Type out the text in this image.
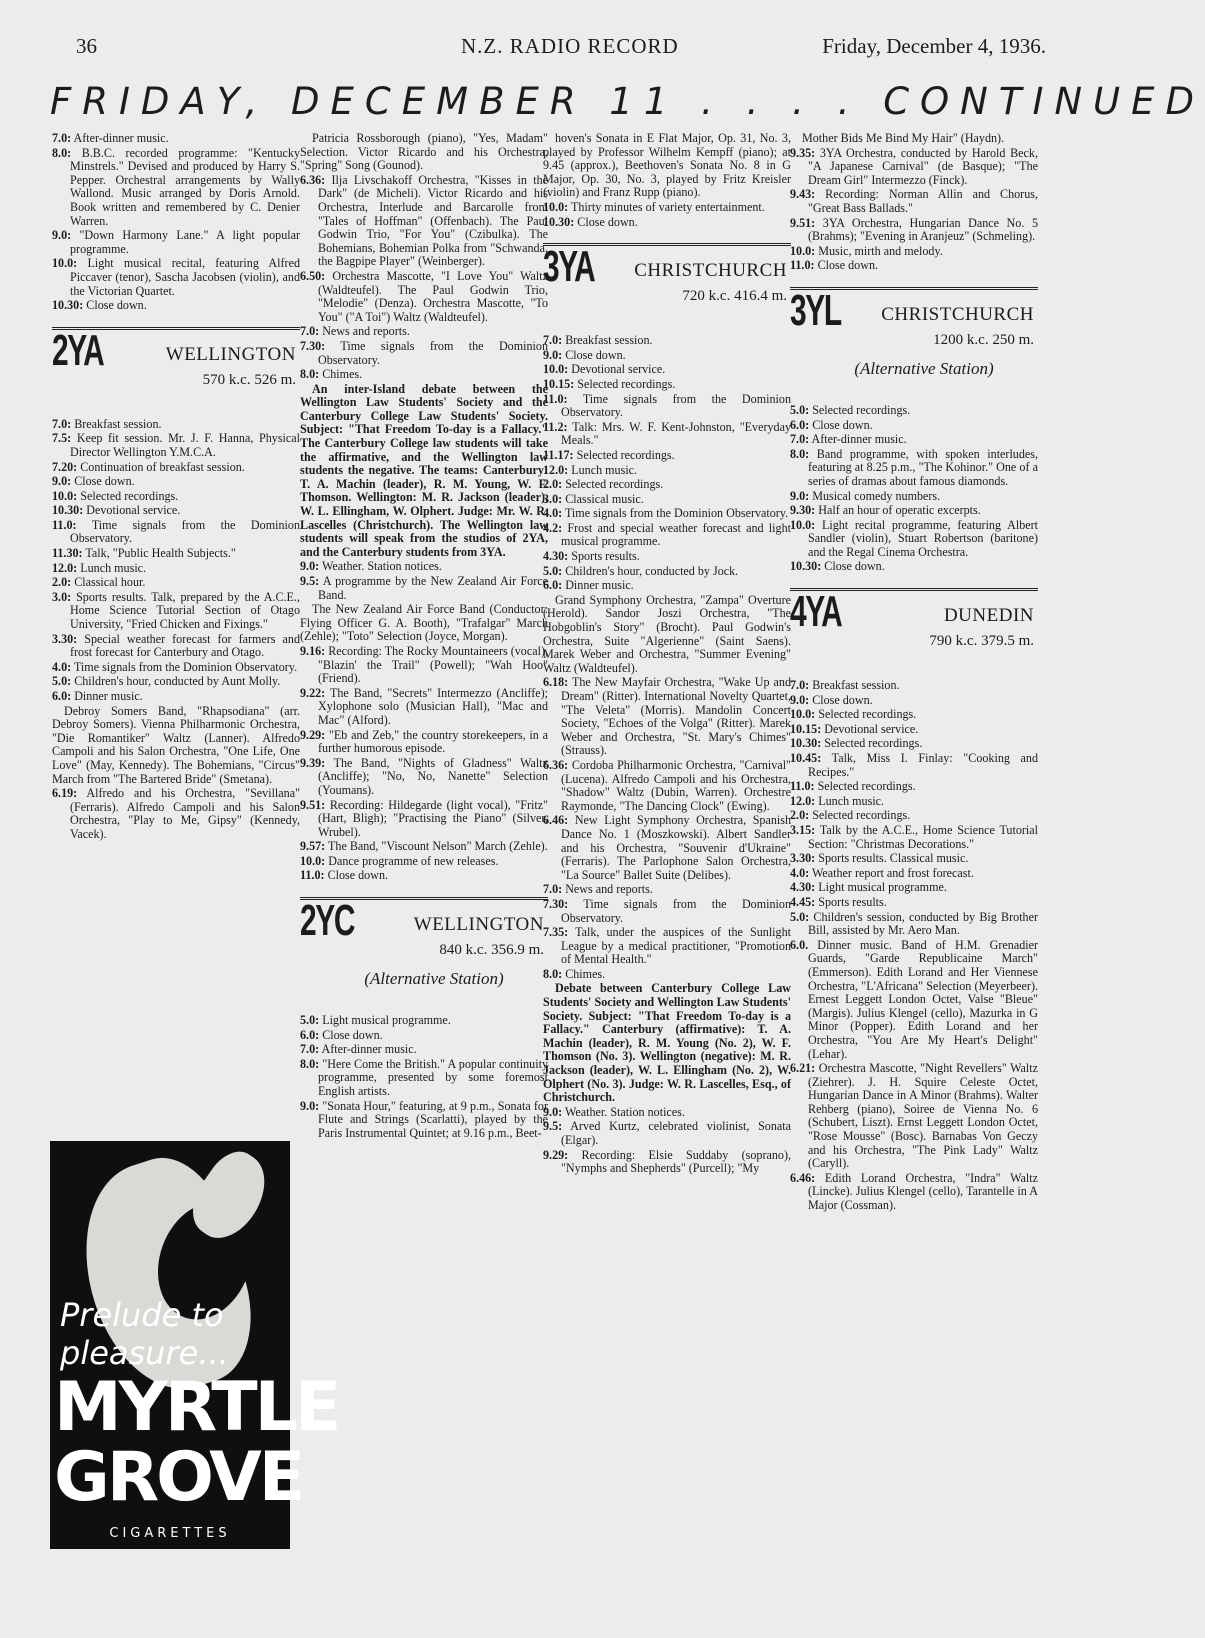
36	N.Z. RADIO RECORD	Friday, December 4, 1936.
FRIDAY, DECEMBER 11 . . . . CONTINUED

7.0: After-dinner music.

8.0: B.B.C. recorded programme: "Kentucky Minstrels." Devised and produced by Harry S. Pepper. Orchestral arrangements by Wally Wallond. Music arranged by Doris Arnold. Book written and remembered by C. Denier Warren.

9.0: "Down Harmony Lane." A light popular programme.

10.0: Light musical recital, featuring Alfred Piccaver (tenor), Sascha Jacobsen (violin), and the Victorian Quartet.

10.30: Close down.

2YA	WELLINGTON
570 k.c. 526 m.

7.0: Breakfast session.

7.5: Keep fit session. Mr. J. F. Hanna, Physical Director Wellington Y.M.C.A.

7.20: Continuation of breakfast session.

9.0: Close down.

10.0: Selected recordings.

10.30: Devotional service.

11.0: Time signals from the Dominion Observatory.

11.30: Talk, "Public Health Subjects."

12.0: Lunch music.

2.0: Classical hour.

3.0: Sports results. Talk, prepared by the A.C.E., Home Science Tutorial Section of Otago University, "Fried Chicken and Fixings."

3.30: Special weather forecast for farmers and frost forecast for Canterbury and Otago.

4.0: Time signals from the Dominion Observatory.

5.0: Children's hour, conducted by Aunt Molly.

6.0: Dinner music.

Debroy Somers Band, "Rhapsodiana" (arr. Debroy Somers). Vienna Philharmonic Orchestra, "Die Romantiker" Waltz (Lanner). Alfredo Campoli and his Salon Orchestra, "One Life, One Love" (May, Kennedy). The Bohemians, "Circus" March from "The Bartered Bride" (Smetana).

6.19: Alfredo and his Orchestra, "Sevillana" (Ferraris). Alfredo Campoli and his Salon Orchestra, "Play to Me, Gipsy" (Kennedy, Vacek).

Prelude to
pleasure...
MYRTLE
GROVE
CIGARETTES

Patricia Rossborough (piano), "Yes, Madam" Selection. Victor Ricardo and his Orchestra, "Spring" Song (Gounod).

6.36: Ilja Livschakoff Orchestra, "Kisses in the Dark" (de Micheli). Victor Ricardo and his Orchestra, Interlude and Barcarolle from "Tales of Hoffman" (Offenbach). The Paul Godwin Trio, "For You" (Czibulka). The Bohemians, Bohemian Polka from "Schwanda, the Bagpipe Player" (Weinberger).

6.50: Orchestra Mascotte, "I Love You" Waltz (Waldteufel). The Paul Godwin Trio, "Melodie" (Denza). Orchestra Mascotte, "To You" ("A Toi") Waltz (Waldteufel).

7.0: News and reports.

7.30: Time signals from the Dominion Observatory.

8.0: Chimes.

An inter-Island debate between the Wellington Law Students' Society and the Canterbury College Law Students' Society. Subject: "That Freedom To-day is a Fallacy." The Canterbury College law students will take the affirmative, and the Wellington law students the negative. The teams: Canterbury: T. A. Machin (leader), R. M. Young, W. F. Thomson. Wellington: M. R. Jackson (leader), W. L. Ellingham, W. Olphert. Judge: Mr. W. R. Lascelles (Christchurch). The Wellington law students will speak from the studios of 2YA, and the Canterbury students from 3YA.

9.0: Weather. Station notices.

9.5: A programme by the New Zealand Air Force Band.

The New Zealand Air Force Band (Conductor: Flying Officer G. A. Booth), "Trafalgar" March (Zehle); "Toto" Selection (Joyce, Morgan).

9.16: Recording: The Rocky Mountaineers (vocal), "Blazin' the Trail" (Powell); "Wah Hoo" (Friend).

9.22: The Band, "Secrets" Intermezzo (Ancliffe); Xylophone solo (Musician Hall), "Mac and Mac" (Alford).

9.29: "Eb and Zeb," the country storekeepers, in a further humorous episode.

9.39: The Band, "Nights of Gladness" Waltz (Ancliffe); "No, No, Nanette" Selection (Youmans).

9.51: Recording: Hildegarde (light vocal), "Fritz" (Hart, Bligh); "Practising the Piano" (Silver, Wrubel).

9.57: The Band, "Viscount Nelson" March (Zehle).

10.0: Dance programme of new releases.

11.0: Close down.

2YC	WELLINGTON
840 k.c. 356.9 m.
(Alternative Station)

5.0: Light musical programme.

6.0: Close down.

7.0: After-dinner music.

8.0: "Here Come the British." A popular continuity programme, presented by some foremost English artists.

9.0: "Sonata Hour," featuring, at 9 p.m., Sonata for Flute and Strings (Scarlatti), played by the Paris Instrumental Quintet; at 9.16 p.m., Beet-

hoven's Sonata in E Flat Major, Op. 31, No. 3, played by Professor Wilhelm Kempff (piano); at 9.45 (approx.), Beethoven's Sonata No. 8 in G Major, Op. 30, No. 3, played by Fritz Kreisler (violin) and Franz Rupp (piano).

10.0: Thirty minutes of variety entertainment.

10.30: Close down.

3YA CHRISTCHURCH
720 k.c. 416.4 m.

7.0: Breakfast session.

9.0: Close down.

10.0: Devotional service.

10.15: Selected recordings.

11.0: Time signals from the Dominion Observatory.

11.2: Talk: Mrs. W. F. Kent-Johnston, "Everyday Meals."

11.17: Selected recordings.

12.0: Lunch music.

2.0: Selected recordings.

3.0: Classical music.

4.0: Time signals from the Dominion Observatory.

4.2: Frost and special weather forecast and light musical programme.

4.30: Sports results.

5.0: Children's hour, conducted by Jock.

6.0: Dinner music.

Grand Symphony Orchestra, "Zampa" Overture (Herold). Sandor Joszi Orchestra, "The Hobgoblin's Story" (Brocht). Paul Godwin's Orchestra, Suite "Algerienne" (Saint Saens). Marek Weber and Orchestra, "Summer Evening" Waltz (Waldteufel).

6.18: The New Mayfair Orchestra, "Wake Up and Dream" (Ritter). International Novelty Quartet, "The Veleta" (Morris). Mandolin Concert Society, "Echoes of the Volga" (Ritter). Marek Weber and Orchestra, "St. Mary's Chimes" (Strauss).

6.36: Cordoba Philharmonic Orchestra, "Carnival" (Lucena). Alfredo Campoli and his Orchestra, "Shadow" Waltz (Dubin, Warren). Orchestre Raymonde, "The Dancing Clock" (Ewing).

6.46: New Light Symphony Orchestra, Spanish Dance No. 1 (Moszkowski). Albert Sandler and his Orchestra, "Souvenir d'Ukraine" (Ferraris). The Parlophone Salon Orchestra, "La Source" Ballet Suite (Delibes).

7.0: News and reports.

7.30: Time signals from the Dominion Observatory.

7.35: Talk, under the auspices of the Sunlight League by a medical practitioner, "Promotion of Mental Health."

8.0: Chimes.

Debate between Canterbury College Law Students' Society and Wellington Law Students' Society. Subject: "That Freedom To-day is a Fallacy." Canterbury (affirmative): T. A. Machin (leader), R. M. Young (No. 2), W. F. Thomson (No. 3). Wellington (negative): M. R. Jackson (leader), W. L. Ellingham (No. 2), W. Olphert (No. 3). Judge: W. R. Lascelles, Esq., of Christchurch.

9.0: Weather. Station notices.

9.5: Arved Kurtz, celebrated violinist, Sonata (Elgar).

9.29: Recording: Elsie Suddaby (soprano), "Nymphs and Shepherds" (Purcell); "My

Mother Bids Me Bind My Hair" (Haydn).

9.35: 3YA Orchestra, conducted by Harold Beck, "A Japanese Carnival" (de Basque); "The Dream Girl" Intermezzo (Finck).

9.43: Recording: Norman Allin and Chorus, "Great Bass Ballads."

9.51: 3YA Orchestra, Hungarian Dance No. 5 (Brahms); "Evening in Aranjeuz" (Schmeling).

10.0: Music, mirth and melody.

11.0: Close down.

3YL CHRISTCHURCH
1200 k.c. 250 m.
(Alternative Station)

5.0: Selected recordings.

6.0: Close down.

7.0: After-dinner music.

8.0: Band programme, with spoken interludes, featuring at 8.25 p.m., "The Kohinor." One of a series of dramas about famous diamonds.

9.0: Musical comedy numbers.

9.30: Half an hour of operatic excerpts.

10.0: Light recital programme, featuring Albert Sandler (violin), Stuart Robertson (baritone) and the Regal Cinema Orchestra.

10.30: Close down.

4YA	DUNEDIN
790 k.c. 379.5 m.

7.0: Breakfast session.

9.0: Close down.

10.0: Selected recordings.

10.15: Devotional service.

10.30: Selected recordings.

10.45: Talk, Miss I. Finlay: "Cooking and Recipes."

11.0: Selected recordings.

12.0: Lunch music.

2.0: Selected recordings.

3.15: Talk by the A.C.E., Home Science Tutorial Section: "Christmas Decorations."

3.30: Sports results. Classical music.

4.0: Weather report and frost forecast.

4.30: Light musical programme.

4.45: Sports results.

5.0: Children's session, conducted by Big Brother Bill, assisted by Mr. Aero Man.

6.0. Dinner music. Band of H.M. Grenadier Guards, "Garde Republicaine March" (Emmerson). Edith Lorand and Her Viennese Orchestra, "L'Africana" Selection (Meyerbeer). Ernest Leggett London Octet, Valse "Bleue" (Margis). Julius Klengel (cello), Mazurka in G Minor (Popper). Edith Lorand and her Orchestra, "You Are My Heart's Delight" (Lehar).

6.21: Orchestra Mascotte, "Night Revellers" Waltz (Ziehrer). J. H. Squire Celeste Octet, Hungarian Dance in A Minor (Brahms). Walter Rehberg (piano), Soiree de Vienna No. 6 (Schubert, Liszt). Ernst Leggett London Octet, "Rose Mousse" (Bosc). Barnabas Von Geczy and his Orchestra, "The Pink Lady" Waltz (Caryll).

6.46: Edith Lorand Orchestra, "Indra" Waltz (Lincke). Julius Klengel (cello), Tarantelle in A Major (Cossman).
